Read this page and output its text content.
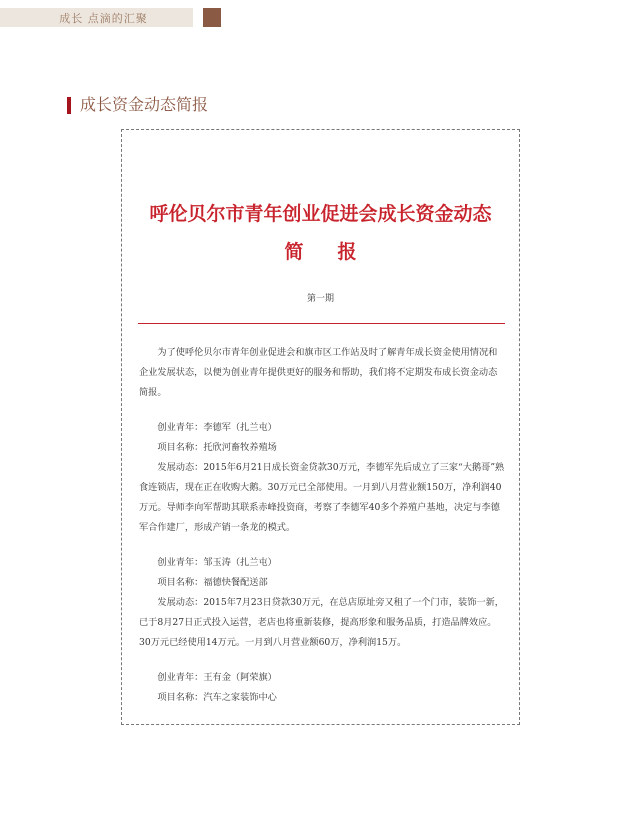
成长 点滴的汇聚
成长资金动态简报
呼伦贝尔市青年创业促进会成长资金动态
简报
第一期

为了使呼伦贝尔市青年创业促进会和旗市区工作站及时了解青年成长资金使用情况和企业发展状态，以便为创业青年提供更好的服务和帮助，我们将不定期发布成长资金动态简报。

创业青年：李德军（扎兰屯）

项目名称：托欣河畜牧养殖场

发展动态：2015年6月21日成长资金贷款30万元，李德军先后成立了三家“大鹅哥”熟食连锁店，现在正在收购大鹅。30万元已全部使用。一月到八月营业额150万，净利润40万元。导师李向军帮助其联系赤峰投资商，考察了李德军40多个养殖户基地，决定与李德军合作建厂，形成产销一条龙的模式。

创业青年：邹玉涛（扎兰屯）

项目名称：福德快餐配送部

发展动态：2015年7月23日贷款30万元，在总店原址旁又租了一个门市，装饰一新，已于8月27日正式投入运营，老店也将重新装修，提高形象和服务品质，打造品牌效应。30万元已经使用14万元。一月到八月营业额60万，净利润15万。

创业青年：王有金（阿荣旗）

项目名称：汽车之家装饰中心
